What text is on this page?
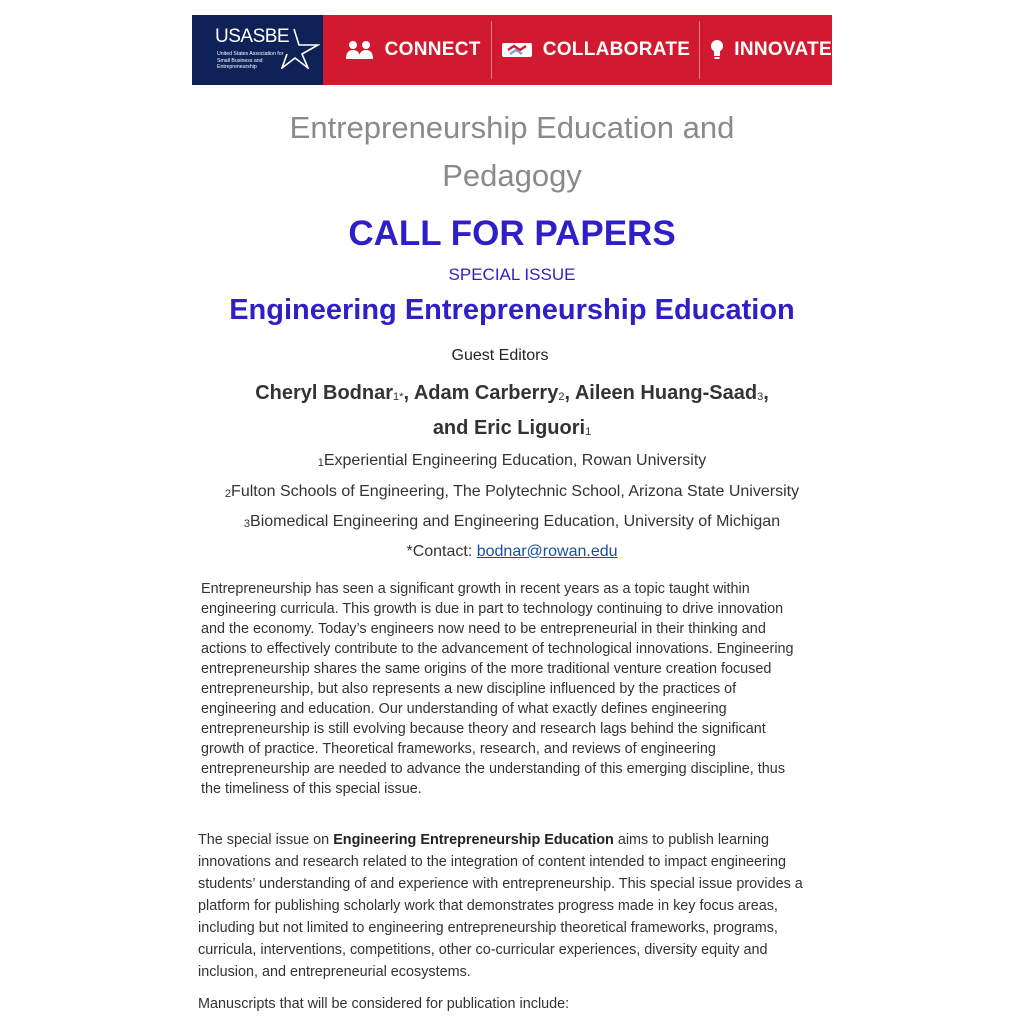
USASBE
United States Association for Small Business and Entrepreneurship
CONNECT	COLLABORATE INNOVATE
Entrepreneurship Education and Pedagogy
CALL FOR PAPERS
SPECIAL ISSUE
Engineering Entrepreneurship Education
Guest Editors
Cheryl Bodnar$^{1*}$, Adam Carberry$^2$, Aileen Huang-Saad$^3$,
and Eric Liguori$^1$
$^1$Experiential Engineering Education, Rowan University
$^2$Fulton Schools of Engineering, The Polytechnic School, Arizona State University
$^3$Biomedical Engineering and Engineering Education, University of Michigan
*Contact: bodnar@rowan.edu
Entrepreneurship has seen a significant growth in recent years as a topic taught within
engineering curricula. This growth is due in part to technology continuing to drive innovation
and the economy. Today’s engineers now need to be entrepreneurial in their thinking and
actions to effectively contribute to the advancement of technological innovations. Engineering
entrepreneurship shares the same origins of the more traditional venture creation focused
entrepreneurship, but also represents a new discipline influenced by the practices of
engineering and education. Our understanding of what exactly defines engineering
entrepreneurship is still evolving because theory and research lags behind the significant
growth of practice. Theoretical frameworks, research, and reviews of engineering
entrepreneurship are needed to advance the understanding of this emerging discipline, thus
the timeliness of this special issue.
The special issue on Engineering Entrepreneurship Education aims to publish learning innovations and research related to the integration of content intended to impact engineering students’ understanding of and experience with entrepreneurship. This special issue provides a platform for publishing scholarly work that demonstrates progress made in key focus areas, including but not limited to engineering entrepreneurship theoretical frameworks, programs, curricula, interventions, competitions, other co-curricular experiences, diversity equity and inclusion, and entrepreneurial ecosystems.
Manuscripts that will be considered for publication include:
